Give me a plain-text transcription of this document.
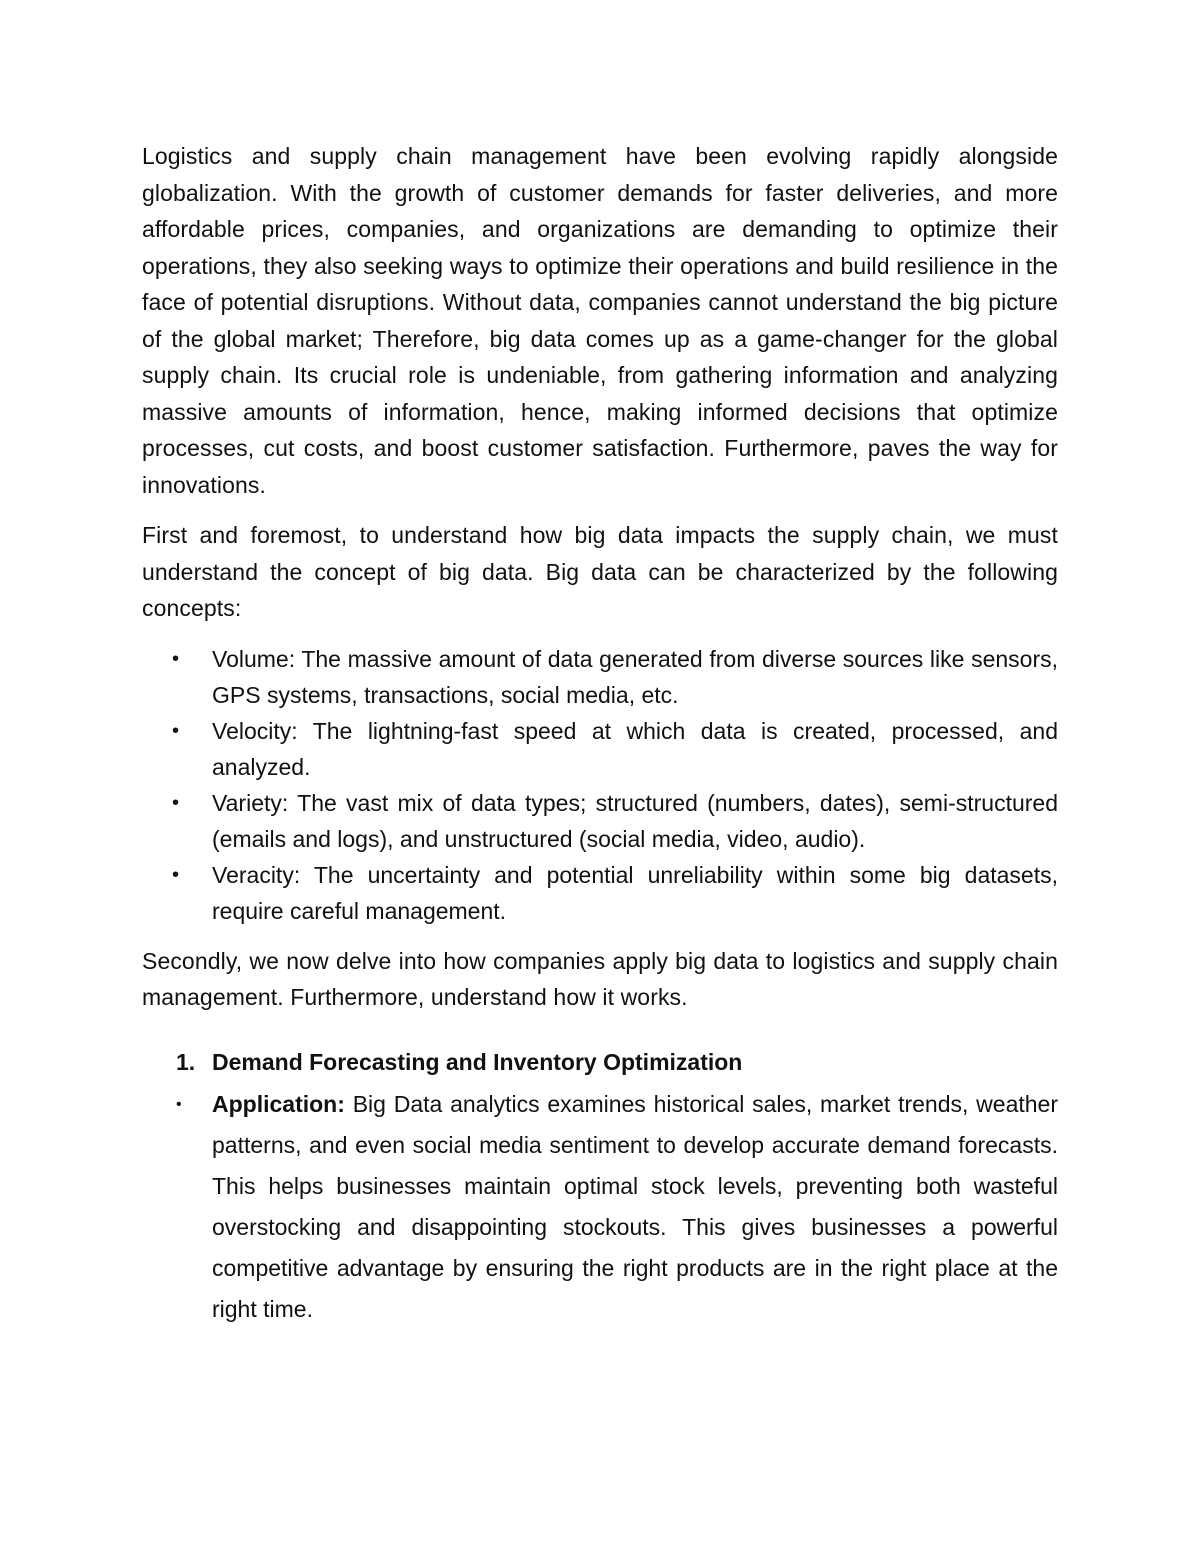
Logistics and supply chain management have been evolving rapidly alongside globalization. With the growth of customer demands for faster deliveries, and more affordable prices, companies, and organizations are demanding to optimize their operations, they also seeking ways to optimize their operations and build resilience in the face of potential disruptions. Without data, companies cannot understand the big picture of the global market; Therefore, big data comes up as a game-changer for the global supply chain. Its crucial role is undeniable, from gathering information and analyzing massive amounts of information, hence, making informed decisions that optimize processes, cut costs, and boost customer satisfaction. Furthermore, paves the way for innovations.

First and foremost, to understand how big data impacts the supply chain, we must understand the concept of big data. Big data can be characterized by the following concepts:

• Volume: The massive amount of data generated from diverse sources like sensors, GPS systems, transactions, social media, etc.
• Velocity: The lightning-fast speed at which data is created, processed, and analyzed.
• Variety: The vast mix of data types; structured (numbers, dates), semi-structured (emails and logs), and unstructured (social media, video, audio).
• Veracity: The uncertainty and potential unreliability within some big datasets, require careful management.

Secondly, we now delve into how companies apply big data to logistics and supply chain management. Furthermore, understand how it works.

1. Demand Forecasting and Inventory Optimization
• Application: Big Data analytics examines historical sales, market trends, weather patterns, and even social media sentiment to develop accurate demand forecasts. This helps businesses maintain optimal stock levels, preventing both wasteful overstocking and disappointing stockouts. This gives businesses a powerful competitive advantage by ensuring the right products are in the right place at the right time.
